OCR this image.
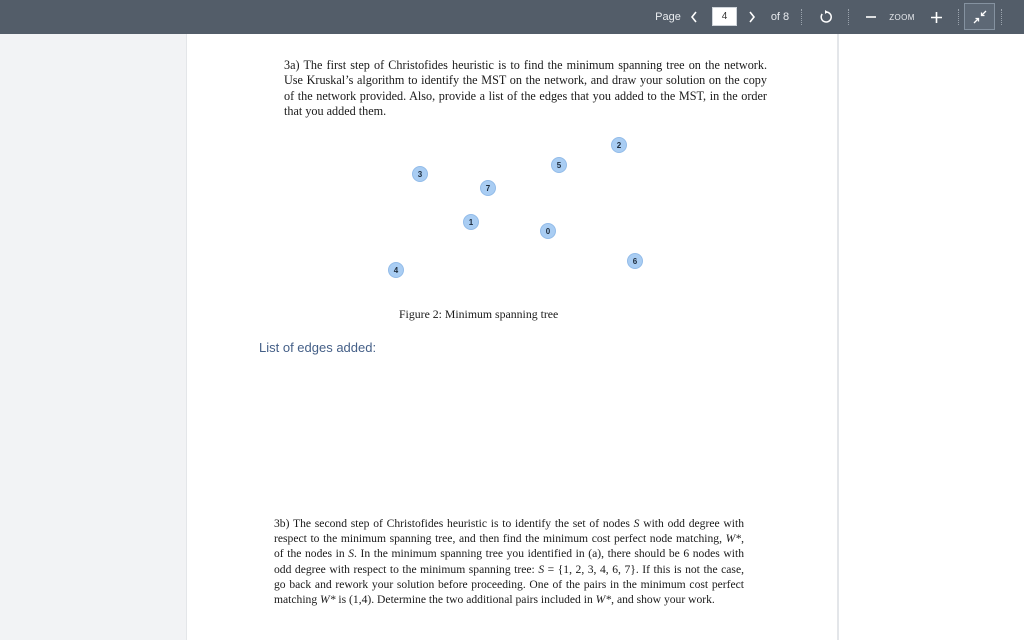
Page
4	of 8	ZOOM
3a) The first step of Christofides heuristic is to find the minimum spanning tree on the network. Use Kruskal’s algorithm to identify the MST on the network, and draw your solution on the copy of the network provided. Also, provide a list of the edges that you added to the MST, in the order that you added them.
2
5
3
7
1
0
6
4
Figure 2: Minimum spanning tree
List of edges added:
3b) The second step of Christofides heuristic is to identify the set of nodes S with odd degree with respect to the minimum spanning tree, and then find the minimum cost perfect node matching, W*, of the nodes in S. In the minimum spanning tree you identified in (a), there should be 6 nodes with odd degree with respect to the minimum spanning tree: S = {1, 2, 3, 4, 6, 7}. If this is not the case, go back and rework your solution before proceeding. One of the pairs in the minimum cost perfect matching W* is (1,4). Determine the two additional pairs included in W*, and show your work.
